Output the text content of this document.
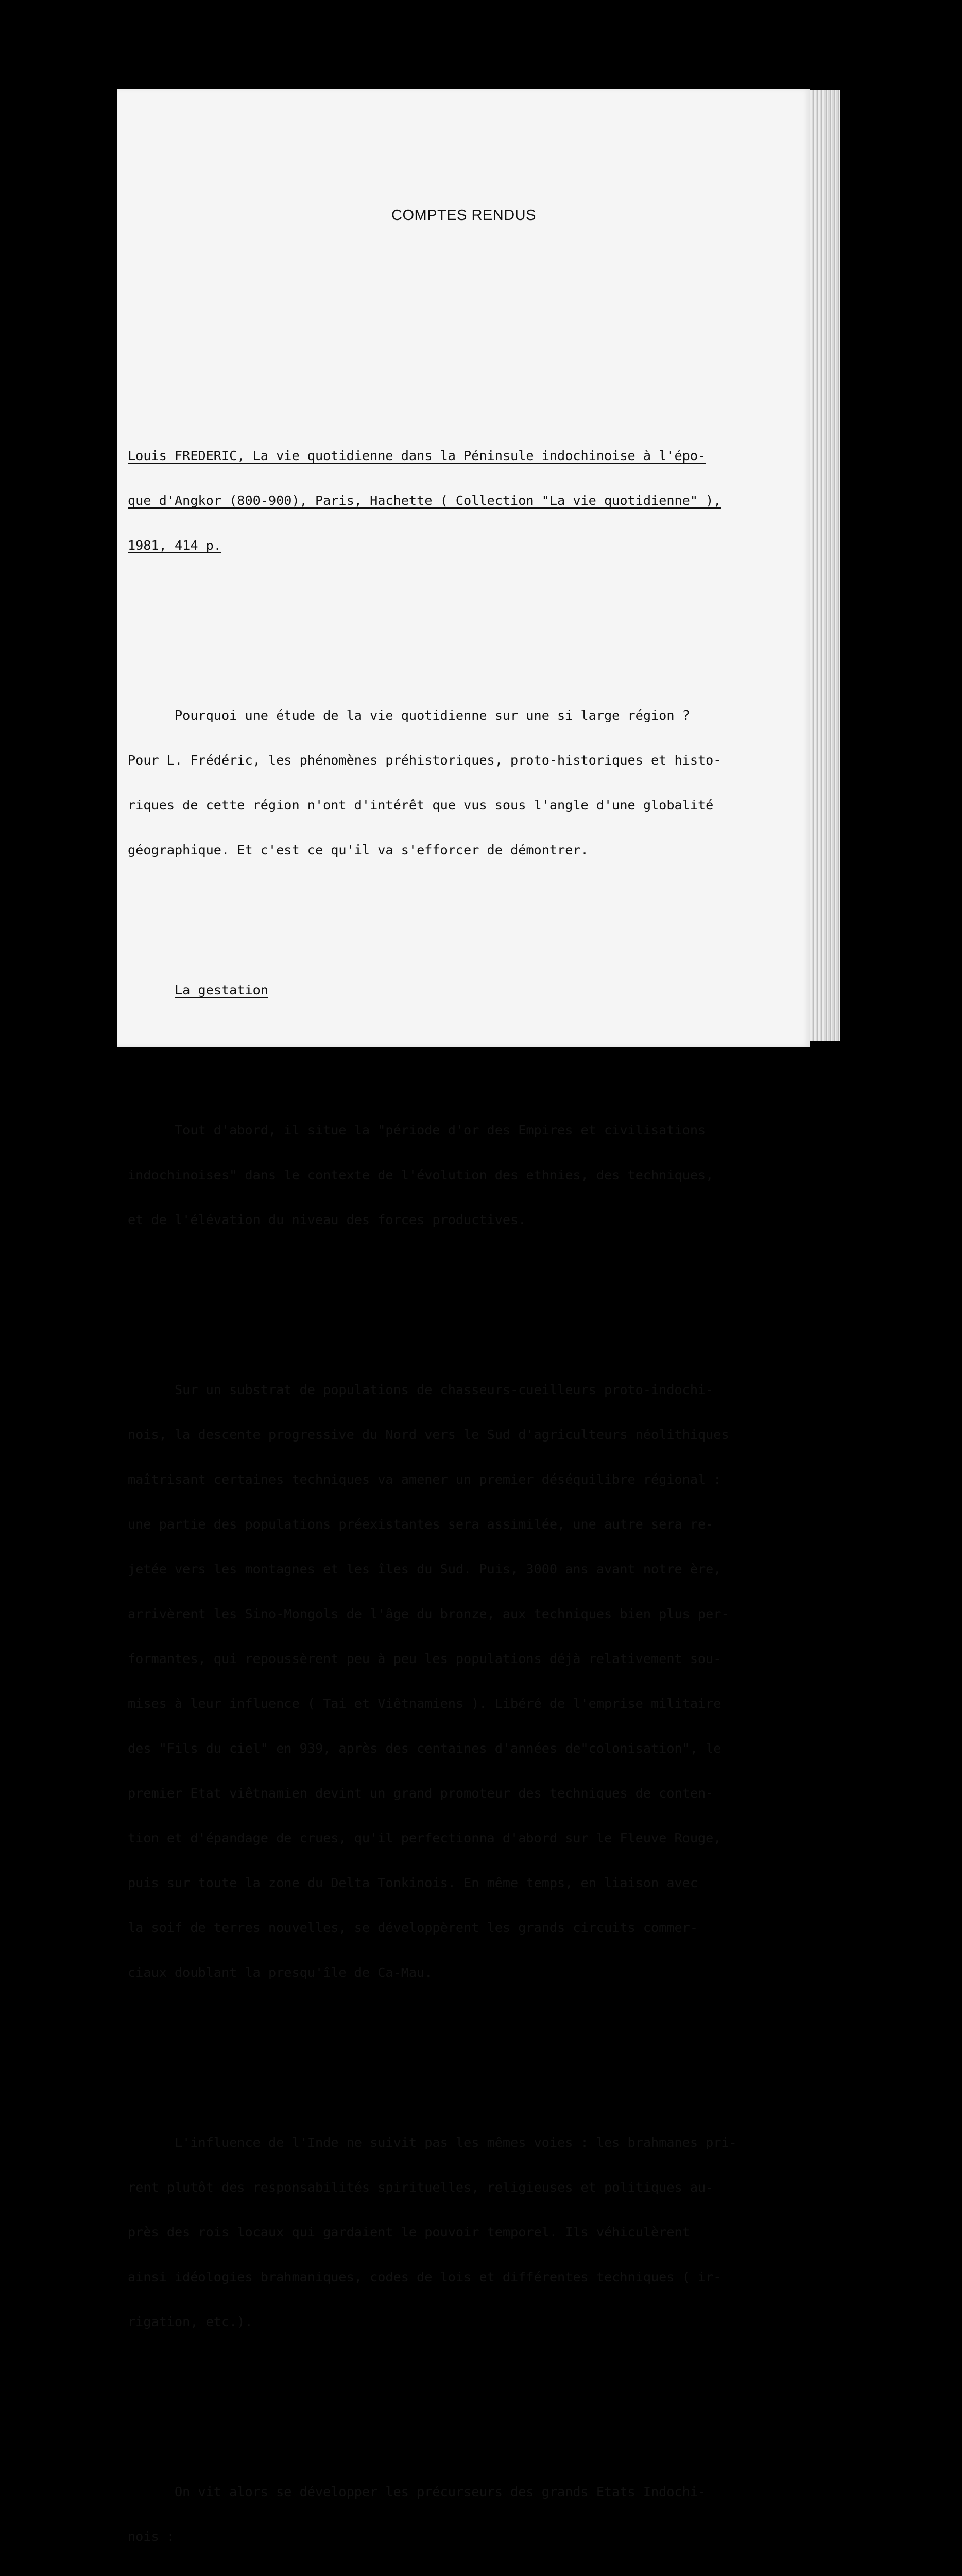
COMPTES RENDUS

Louis FREDERIC, La vie quotidienne dans la Péninsule indochinoise à l'épo-

que d'Angkor (800-900), Paris, Hachette ( Collection "La vie quotidienne" ),

1981, 414 p.

Pourquoi une étude de la vie quotidienne sur une si large région ?

Pour L. Frédéric, les phénomènes préhistoriques, proto-historiques et histo-

riques de cette région n'ont d'intérêt que vus sous l'angle d'une globalité

géographique. Et c'est ce qu'il va s'efforcer de démontrer.

La gestation

Tout d'abord, il situe la "période d'or des Empires et civilisations

indochinoises" dans le contexte de l'évolution des ethnies, des techniques,

et de l'élévation du niveau des forces productives.

Sur un substrat de populations de chasseurs-cueilleurs proto-indochi-

nois, la descente progressive du Nord vers le Sud d'agriculteurs néolithiques

maîtrisant certaines techniques va amener un premier déséquilibre régional :

une partie des populations préexistantes sera assimilée, une autre sera re-

jetée vers les montagnes et les îles du Sud. Puis, 3000 ans avant notre ère,

arrivèrent les Sino-Mongols de l'âge du bronze, aux techniques bien plus per-

formantes, qui repoussèrent peu à peu les populations déjà relativement sou-

mises à leur influence ( Tai et Viêtnamiens ). Libéré de l'emprise militaire

des "Fils du ciel" en 939, après des centaines d'années de"colonisation", le

premier Etat viêtnamien devint un grand promoteur des techniques de conten-

tion et d'épandage de crues, qu'il perfectionna d'abord sur le Fleuve Rouge,

puis sur toute la zone du Delta Tonkinois. En même temps, en liaison avec

la soif de terres nouvelles, se développèrent les grands circuits commer-

ciaux doublant la presqu'île de Ca-Mau.

L'influence de l'Inde ne suivit pas les mêmes voies : les brahmanes pri-

rent plutôt des responsabilités spirituelles, religieuses et politiques au-

près des rois locaux qui gardaient le pouvoir temporel. Ils véhiculèrent

ainsi idéologies brahmaniques, codes de lois et différentes techniques ( ir-

rigation, etc.).

On vit alors se développer les précurseurs des grands Etats Indochi-

nois :
